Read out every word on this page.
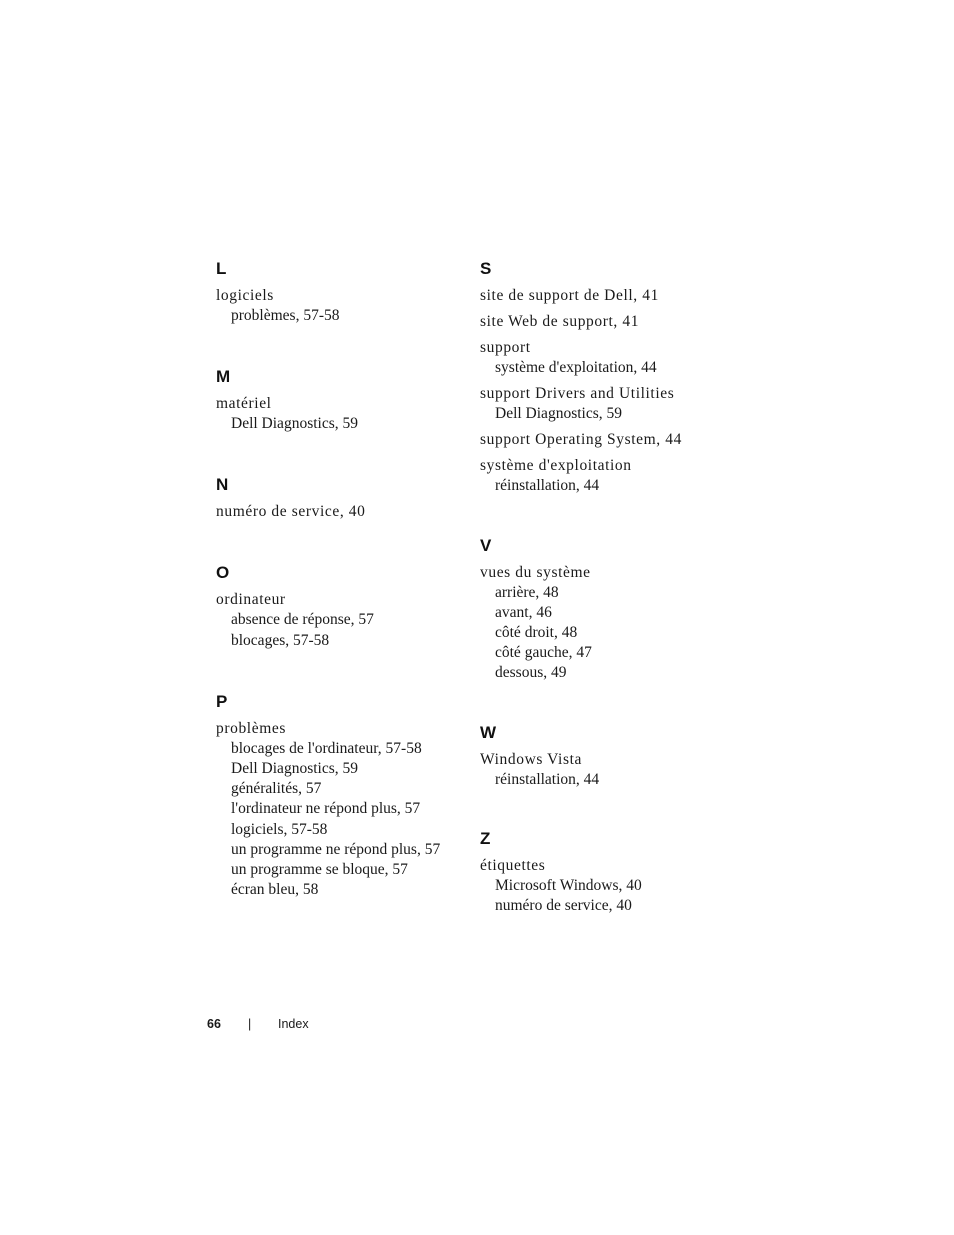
L
logiciels
problèmes, 57-58
M
matériel
Dell Diagnostics, 59
N
numéro de service, 40
O
ordinateur
absence de réponse, 57
blocages, 57-58
P
problèmes
blocages de l'ordinateur, 57-58
Dell Diagnostics, 59
généralités, 57
l'ordinateur ne répond plus, 57
logiciels, 57-58
un programme ne répond plus, 57
un programme se bloque, 57
écran bleu, 58
S
site de support de Dell, 41
site Web de support, 41
support
système d'exploitation, 44
support Drivers and Utilities
Dell Diagnostics, 59
support Operating System, 44
système d'exploitation
réinstallation, 44
V
vues du système
arrière, 48
avant, 46
côté droit, 48
côté gauche, 47
dessous, 49
W
Windows Vista
réinstallation, 44
Z
étiquettes
Microsoft Windows, 40
numéro de service, 40
66 | Index
